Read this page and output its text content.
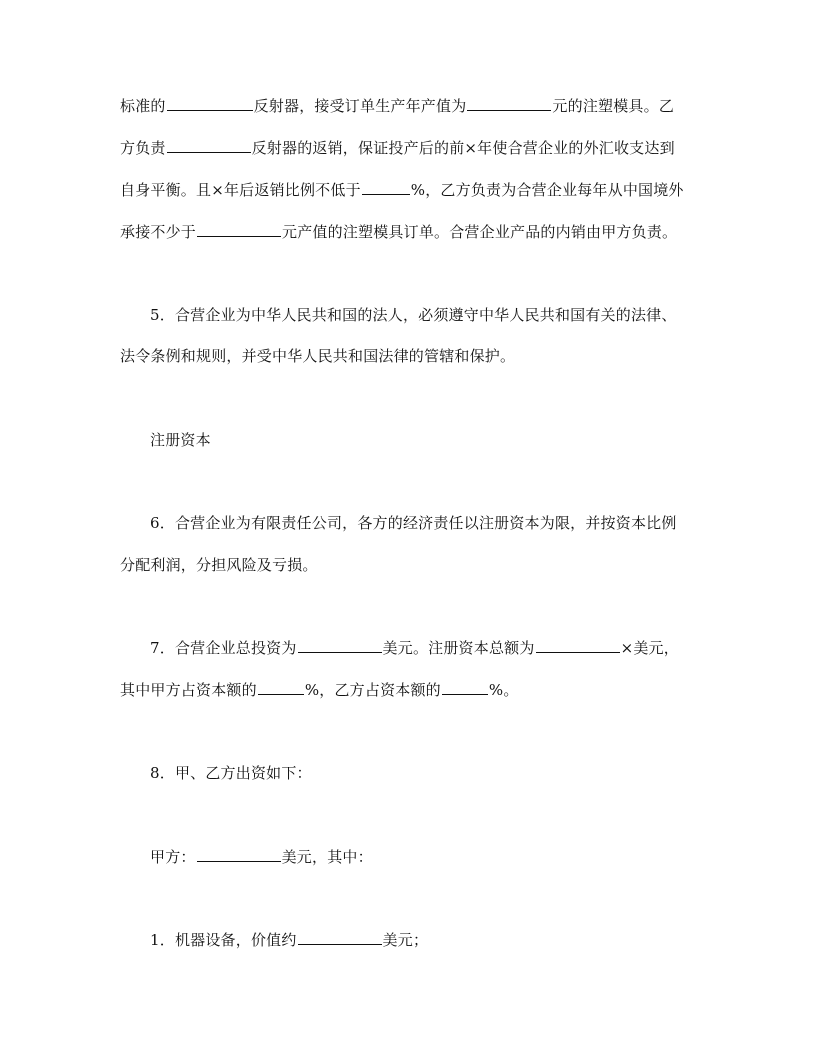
标准的	反射器，接受订单生产年产值为	元的注塑模具。乙
方负责	反射器的返销，保证投产后的前×年使合营企业的外汇收支达到
自身平衡。且×年后返销比例不低于	%，乙方负责为合营企业每年从中国境外
承接不少于	元产值的注塑模具订单。合营企业产品的内销由甲方负责。
5．合营企业为中华人民共和国的法人，必须遵守中华人民共和国有关的法律、
法令条例和规则，并受中华人民共和国法律的管辖和保护。
注册资本
6．合营企业为有限责任公司，各方的经济责任以注册资本为限，并按资本比例
分配利润，分担风险及亏损。
7．合营企业总投资为	美元。注册资本总额为	×美元，
其中甲方占资本额的	%，乙方占资本额的	%。
8．甲、乙方出资如下：
甲方：	美元，其中：
1．机器设备，价值约	美元；
